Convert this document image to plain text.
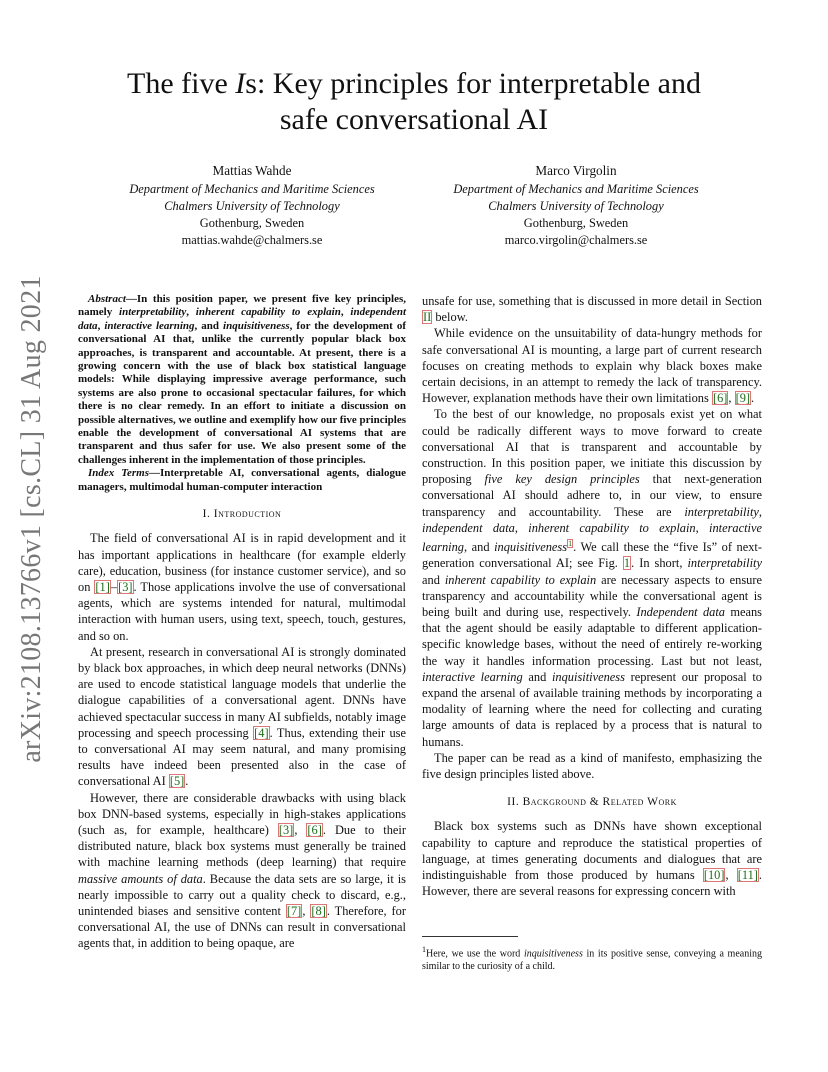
arXiv:2108.13766v1 [cs.CL] 31 Aug 2021
The five Is: Key principles for interpretable and
safe conversational AI
Mattias Wahde
Department of Mechanics and Maritime Sciences
Chalmers University of Technology
Gothenburg, Sweden
mattias.wahde@chalmers.se
Marco Virgolin
Department of Mechanics and Maritime Sciences
Chalmers University of Technology
Gothenburg, Sweden
marco.virgolin@chalmers.se

Abstract—In this position paper, we present five key principles, namely interpretability, inherent capability to explain, independent data, interactive learning, and inquisitiveness, for the development of conversational AI that, unlike the currently popular black box approaches, is transparent and accountable. At present, there is a growing concern with the use of black box statistical language models: While displaying impressive average performance, such systems are also prone to occasional spectacular failures, for which there is no clear remedy. In an effort to initiate a discussion on possible alternatives, we outline and exemplify how our five principles enable the development of conversational AI systems that are transparent and thus safer for use. We also present some of the challenges inherent in the implementation of those principles.

Index Terms—Interpretable AI, conversational agents, dialogue managers, multimodal human-computer interaction

I. Introduction

The field of conversational AI is in rapid development and it has important applications in healthcare (for example elderly care), education, business (for instance customer service), and so on [1]–[3]. Those applications involve the use of conversational agents, which are systems intended for natural, multimodal interaction with human users, using text, speech, touch, gestures, and so on.

At present, research in conversational AI is strongly dominated by black box approaches, in which deep neural networks (DNNs) are used to encode statistical language models that underlie the dialogue capabilities of a conversational agent. DNNs have achieved spectacular success in many AI subfields, notably image processing and speech processing [4]. Thus, extending their use to conversational AI may seem natural, and many promising results have indeed been presented also in the case of conversational AI [5].

However, there are considerable drawbacks with using black box DNN-based systems, especially in high-stakes applications (such as, for example, healthcare) [3], [6]. Due to their distributed nature, black box systems must generally be trained with machine learning methods (deep learning) that require massive amounts of data. Because the data sets are so large, it is nearly impossible to carry out a quality check to discard, e.g., unintended biases and sensitive content [7], [8]. Therefore, for conversational AI, the use of DNNs can result in conversational agents that, in addition to being opaque, are

unsafe for use, something that is discussed in more detail in Section II below.

While evidence on the unsuitability of data-hungry methods for safe conversational AI is mounting, a large part of current research focuses on creating methods to explain why black boxes make certain decisions, in an attempt to remedy the lack of transparency. However, explanation methods have their own limitations [6], [9].

To the best of our knowledge, no proposals exist yet on what could be radically different ways to move forward to create conversational AI that is transparent and accountable by construction. In this position paper, we initiate this discussion by proposing five key design principles that next-generation conversational AI should adhere to, in our view, to ensure transparency and accountability. These are interpretability, independent data, inherent capability to explain, interactive learning, and inquisitiveness$^1$. We call these the “five Is” of next-generation conversational AI; see Fig. 1. In short, interpretability and inherent capability to explain are necessary aspects to ensure transparency and accountability while the conversational agent is being built and during use, respectively. Independent data means that the agent should be easily adaptable to different application-specific knowledge bases, without the need of entirely re-working the way it handles information processing. Last but not least, interactive learning and inquisitiveness represent our proposal to expand the arsenal of available training methods by incorporating a modality of learning where the need for collecting and curating large amounts of data is replaced by a process that is natural to humans.

The paper can be read as a kind of manifesto, emphasizing the five design principles listed above.

II. Background & Related Work

Black box systems such as DNNs have shown exceptional capability to capture and reproduce the statistical properties of language, at times generating documents and dialogues that are indistinguishable from those produced by humans [10], [11]. However, there are several reasons for expressing concern with

$^1$Here, we use the word inquisitiveness in its positive sense, conveying a meaning similar to the curiosity of a child.
